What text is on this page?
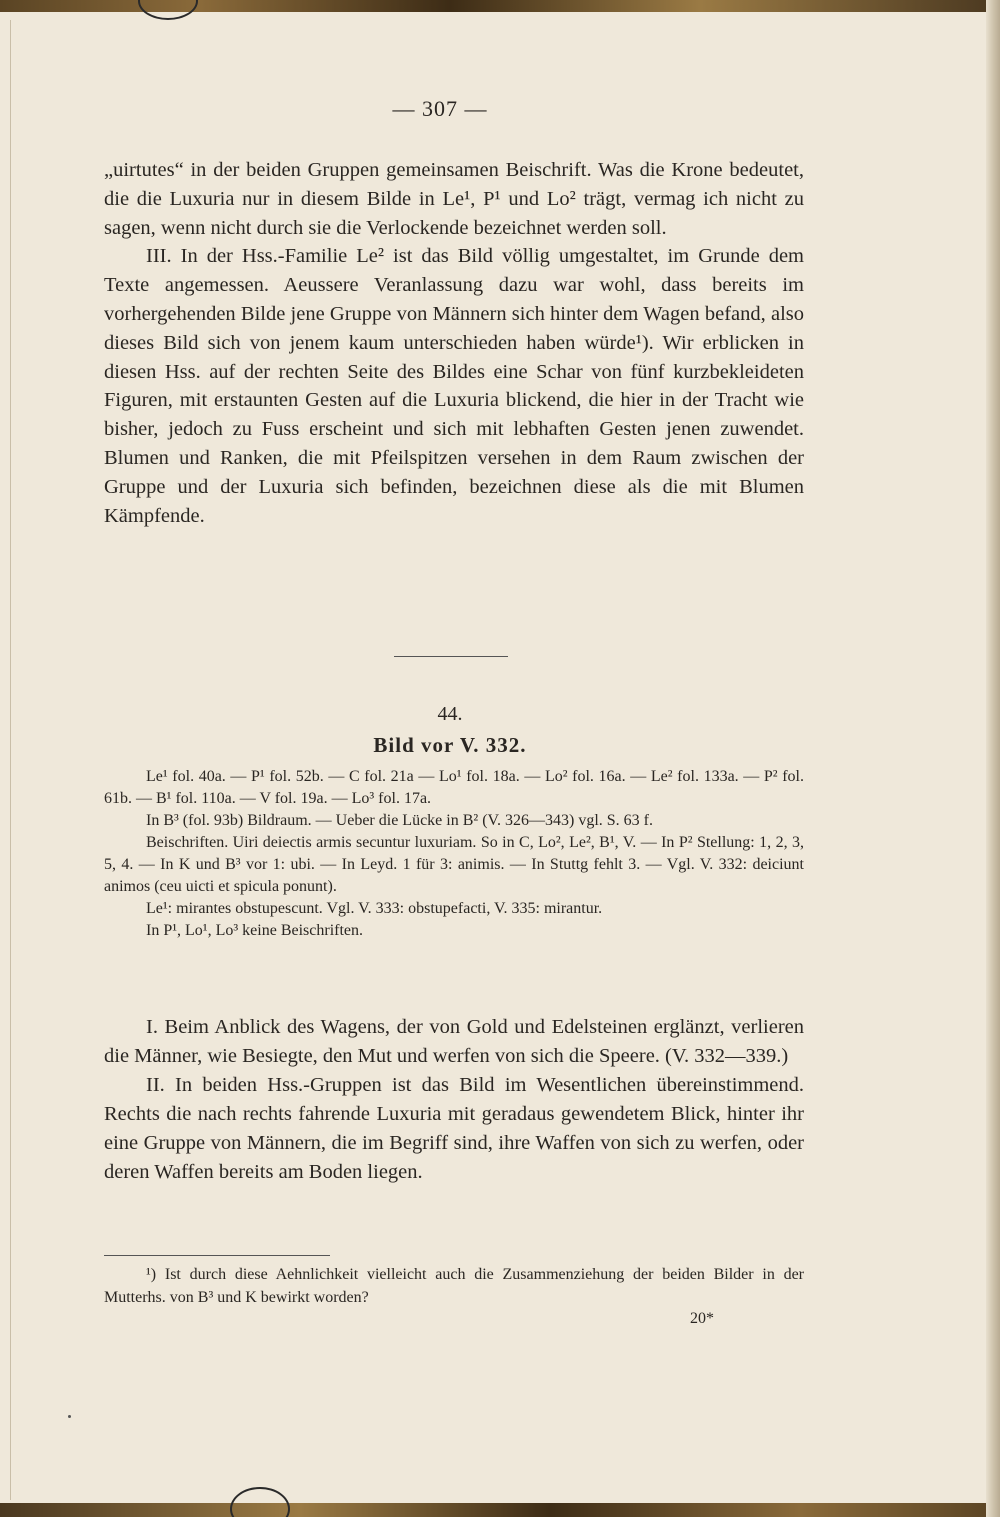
— 307 —

„uirtutes“ in der beiden Gruppen gemeinsamen Beischrift. Was die Krone bedeutet, die die Luxuria nur in diesem Bilde in Le¹, P¹ und Lo² trägt, vermag ich nicht zu sagen, wenn nicht durch sie die Verlockende bezeichnet werden soll.

III. In der Hss.-Familie Le² ist das Bild völlig umgestaltet, im Grunde dem Texte angemessen. Aeussere Veranlassung dazu war wohl, dass bereits im vorhergehenden Bilde jene Gruppe von Männern sich hinter dem Wagen befand, also dieses Bild sich von jenem kaum unterschieden haben würde¹). Wir erblicken in diesen Hss. auf der rechten Seite des Bildes eine Schar von fünf kurzbekleideten Figuren, mit erstaunten Gesten auf die Luxuria blickend, die hier in der Tracht wie bisher, jedoch zu Fuss erscheint und sich mit lebhaften Gesten jenen zuwendet. Blumen und Ranken, die mit Pfeilspitzen versehen in dem Raum zwischen der Gruppe und der Luxuria sich befinden, bezeichnen diese als die mit Blumen Kämpfende.

44.
Bild vor V. 332.

Le¹ fol. 40a. — P¹ fol. 52b. — C fol. 21a — Lo¹ fol. 18a. — Lo² fol. 16a. — Le² fol. 133a. — P² fol. 61b. — B¹ fol. 110a. — V fol. 19a. — Lo³ fol. 17a.

In B³ (fol. 93b) Bildraum. — Ueber die Lücke in B² (V. 326—343) vgl. S. 63 f.

Beischriften. Uiri deiectis armis secuntur luxuriam. So in C, Lo², Le², B¹, V. — In P² Stellung: 1, 2, 3, 5, 4. — In K und B³ vor 1: ubi. — In Leyd. 1 für 3: animis. — In Stuttg fehlt 3. — Vgl. V. 332: deiciunt animos (ceu uicti et spicula ponunt).

Le¹: mirantes obstupescunt. Vgl. V. 333: obstupefacti, V. 335: mirantur.

In P¹, Lo¹, Lo³ keine Beischriften.

I. Beim Anblick des Wagens, der von Gold und Edelsteinen erglänzt, verlieren die Männer, wie Besiegte, den Mut und werfen von sich die Speere. (V. 332—339.)

II. In beiden Hss.-Gruppen ist das Bild im Wesentlichen übereinstimmend. Rechts die nach rechts fahrende Luxuria mit geradaus gewendetem Blick, hinter ihr eine Gruppe von Männern, die im Begriff sind, ihre Waffen von sich zu werfen, oder deren Waffen bereits am Boden liegen.

¹) Ist durch diese Aehnlichkeit vielleicht auch die Zusammenziehung der beiden Bilder in der Mutterhs. von B³ und K bewirkt worden?

20*
